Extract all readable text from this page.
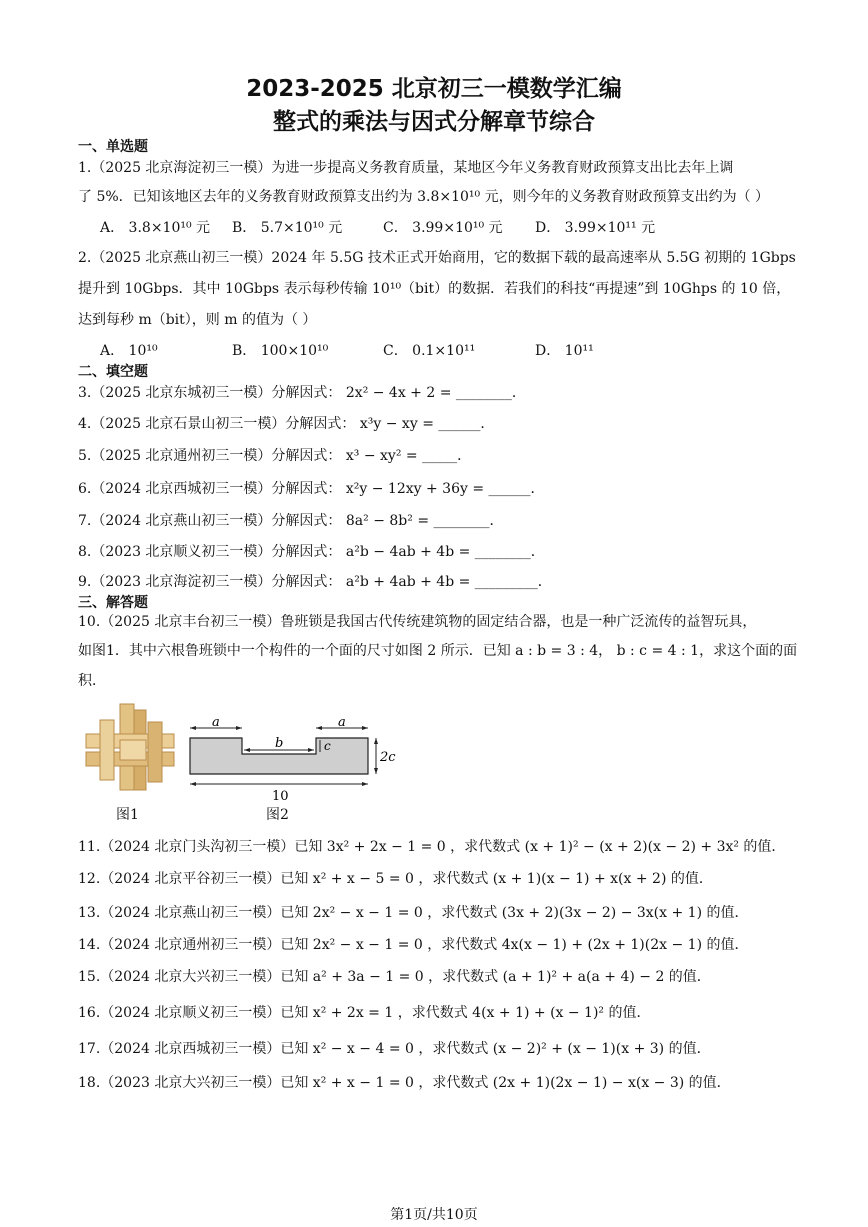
2023-2025 北京初三一模数学汇编
整式的乘法与因式分解章节综合
一、单选题
1.（2025 北京海淀初三一模）为进一步提高义务教育质量，某地区今年义务教育财政预算支出比去年上调
了 5%．已知该地区去年的义务教育财政预算支出约为 3.8×10¹⁰ 元，则今年的义务教育财政预算支出约为（ ）
A． 3.8×10¹⁰ 元 B． 5.7×10¹⁰ 元	C． 3.99×10¹⁰ 元 D． 3.99×10¹¹ 元
2.（2025 北京燕山初三一模）2024 年 5.5G 技术正式开始商用，它的数据下载的最高速率从 5.5G 初期的 1Gbps
提升到 10Gbps．其中 10Gbps 表示每秒传输 10¹⁰（bit）的数据．若我们的科技“再提速”到 10Ghps 的 10 倍，
达到每秒 m（bit），则 m 的值为（ ）
A． 10¹⁰	B． 100×10¹⁰	C． 0.1×10¹¹	D． 10¹¹
二、填空题
3.（2025 北京东城初三一模）分解因式： 2x² − 4x + 2 = ________．
4.（2025 北京石景山初三一模）分解因式： x³y − xy = ______．
5.（2025 北京通州初三一模）分解因式： x³ − xy² = _____．
6.（2024 北京西城初三一模）分解因式： x²y − 12xy + 36y = ______．
7.（2024 北京燕山初三一模）分解因式： 8a² − 8b² = ________．
8.（2023 北京顺义初三一模）分解因式： a²b − 4ab + 4b = ________．
9.（2023 北京海淀初三一模）分解因式： a²b + 4ab + 4b = _________．
三、解答题
10.（2025 北京丰台初三一模）鲁班锁是我国古代传统建筑物的固定结合器，也是一种广泛流传的益智玩具，
如图1．其中六根鲁班锁中一个构件的一个面的尺寸如图 2 所示．已知 a : b = 3 : 4， b : c = 4 : 1，求这个面的面
积．
图1
a	a
b	c
2c
10
图2
11.（2024 北京门头沟初三一模）已知 3x² + 2x − 1 = 0 ，求代数式 (x + 1)² − (x + 2)(x − 2) + 3x² 的值．
12.（2024 北京平谷初三一模）已知 x² + x − 5 = 0 ，求代数式 (x + 1)(x − 1) + x(x + 2) 的值．
13.（2024 北京燕山初三一模）已知 2x² − x − 1 = 0 ，求代数式 (3x + 2)(3x − 2) − 3x(x + 1) 的值．
14.（2024 北京通州初三一模）已知 2x² − x − 1 = 0 ，求代数式 4x(x − 1) + (2x + 1)(2x − 1) 的值．
15.（2024 北京大兴初三一模）已知 a² + 3a − 1 = 0 ，求代数式 (a + 1)² + a(a + 4) − 2 的值．
16.（2024 北京顺义初三一模）已知 x² + 2x = 1 ，求代数式 4(x + 1) + (x − 1)² 的值．
17.（2024 北京西城初三一模）已知 x² − x − 4 = 0 ，求代数式 (x − 2)² + (x − 1)(x + 3) 的值．
18.（2023 北京大兴初三一模）已知 x² + x − 1 = 0 ，求代数式 (2x + 1)(2x − 1) − x(x − 3) 的值．
第1页/共10页
